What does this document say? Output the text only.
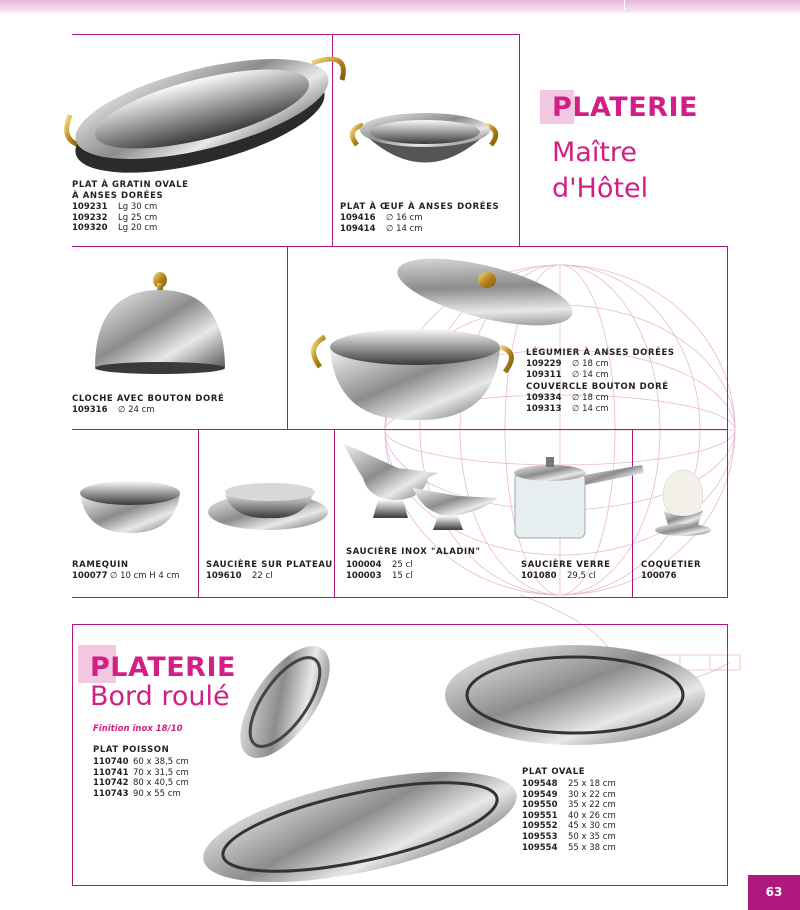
PLATERIE
Maître
d'Hôtel
PLAT À GRATIN OVALE
À ANSES DORÉES
109231 Lg 30 cm
109232 Lg 25 cm
109320 Lg 20 cm
PLAT À ŒUF À ANSES DORÉES
109416 ∅ 16 cm
109414 ∅ 14 cm
CLOCHE AVEC BOUTON DORÉ
109316 ∅ 24 cm
LÉGUMIER À ANSES DORÉES
109229 ∅ 18 cm
109311 ∅ 14 cm
COUVERCLE BOUTON DORÉ
109334 ∅ 18 cm
109313 ∅ 14 cm
RAMEQUIN
100077 ∅ 10 cm H 4 cm
SAUCIÈRE SUR PLATEAU
109610 22 cl
SAUCIÈRE INOX "ALADIN"
100004 25 cl
100003 15 cl
SAUCIÈRE VERRE
101080 29,5 cl
COQUETIER
100076
PLATERIE
Bord roulé
Finition inox 18/10
PLAT POISSON
110740 60 x 38,5 cm
110741 70 x 31,5 cm
110742 80 x 40,5 cm
110743 90 x 55 cm
PLAT OVALE
109548 25 x 18 cm
109549 30 x 22 cm
109550 35 x 22 cm
109551 40 x 26 cm
109552 45 x 30 cm
109553 50 x 35 cm
109554 55 x 38 cm
63
